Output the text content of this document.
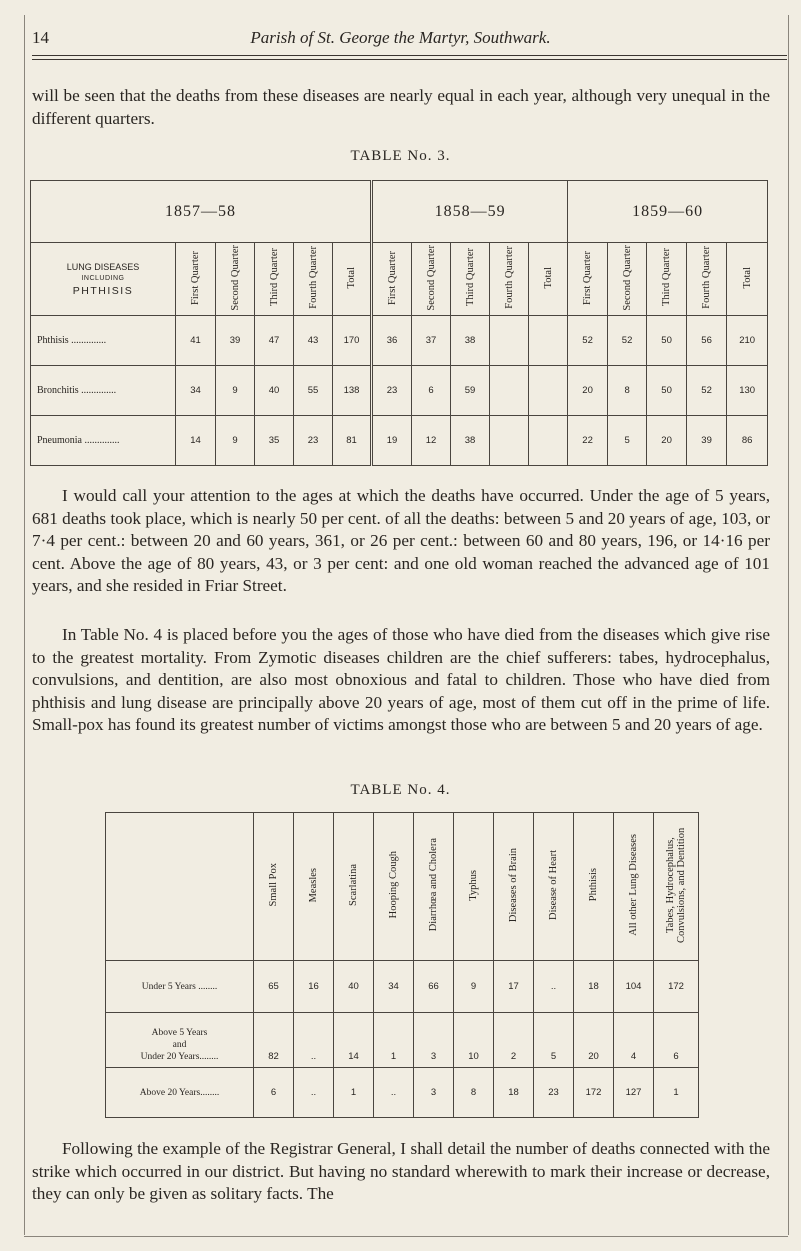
14	Parish of St. George the Martyr, Southwark.

will be seen that the deaths from these diseases are nearly equal in each year, although very unequal in the different quarters.

TABLE No. 3.
1857—58						1858—59					1859—60				

LUNG DISEASES
INCLUDING
PHTHISIS	First Quarter	Second Quarter	Third Quarter	Fourth Quarter	Total	First Quarter	Second Quarter	Third Quarter	Fourth Quarter	Total	First Quarter	Second Quarter	Third Quarter	Fourth Quarter	Total
Phthisis ..............	41	39	47	43	170	36	37	38			52	52	50	56	210
Bronchitis ..............	34	9	40	55	138	23	6	59			20	8	50	52	130
Pneumonia ..............	14	9	35	23	81	19	12	38			22	5	20	39	86

I would call your attention to the ages at which the deaths have occurred. Under the age of 5 years, 681 deaths took place, which is nearly 50 per cent. of all the deaths: between 5 and 20 years of age, 103, or 7·4 per cent.: between 20 and 60 years, 361, or 26 per cent.: between 60 and 80 years, 196, or 14·16 per cent. Above the age of 80 years, 43, or 3 per cent: and one old woman reached the advanced age of 101 years, and she resided in Friar Street.

In Table No. 4 is placed before you the ages of those who have died from the diseases which give rise to the greatest mortality. From Zymotic diseases children are the chief sufferers: tabes, hydrocephalus, convulsions, and dentition, are also most obnoxious and fatal to children. Those who have died from phthisis and lung disease are principally above 20 years of age, most of them cut off in the prime of life. Small-pox has found its greatest number of victims amongst those who are between 5 and 20 years of age.

TABLE No. 4.
	Small Pox	Measles	Scarlatina	Hooping Cough	Diarrhœa and Cholera	Typhus	Diseases of Brain	Disease of Heart	Phthisis	All other Lung Diseases	Tabes, Hydrocephalus, Convulsions, and Dentition
Under 5 Years ........	65	16	40	34	66	9	17	..	18	104	172

Above 5 Years
and
Under 20 Years........	82	..	14	1	3	10	2	5	20	4	6
Above 20 Years........	6	..	1	..	3	8	18	23	172	127	1

Following the example of the Registrar General, I shall detail the number of deaths connected with the strike which occurred in our district. But having no standard wherewith to mark their increase or decrease, they can only be given as solitary facts. The
